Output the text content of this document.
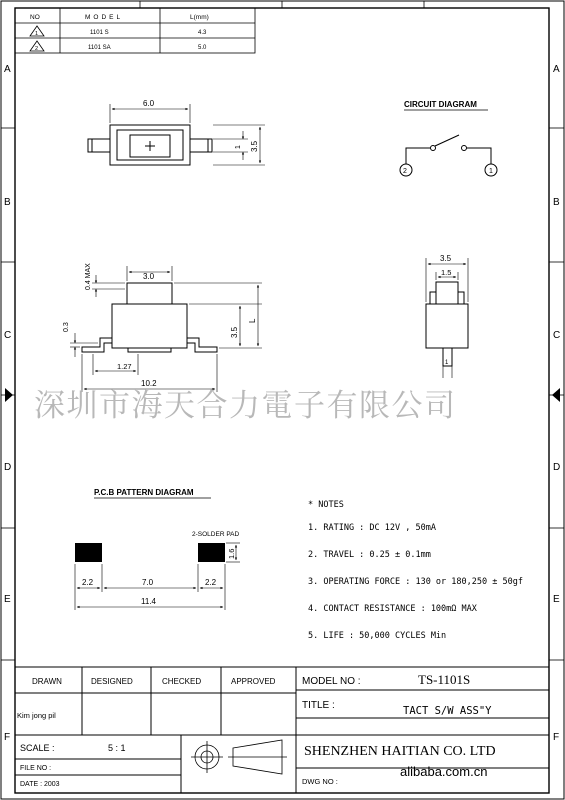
A
B
C
D
E
F
A
B
C
D
E
F
NO	MODEL	L(mm)
1	1101 S	4.3
2	1101 SA	5.0
6.0
3.5
1
CIRCUIT DIAGRAM
2	1
3.0
0.4 MAX
0.3	3.5
L
1.27
10.2
3.5
1.5
1
深圳市海天合力電子有限公司
P.C.B PATTERN DIAGRAM
2-SOLDER PAD
1.6
2.2	7.0	2.2
11.4
* NOTES
1. RATING : DC 12V , 50mA
2. TRAVEL : 0.25 ± 0.1mm
3. OPERATING FORCE : 130 or 180,250 ± 50gf
4. CONTACT RESISTANCE : 100mΩ MAX
5. LIFE : 50,000 CYCLES Min
DRAWN	DESIGNED	CHECKED	APPROVED
Kim jong pil
SCALE :	5 : 1
FILE NO :
DATE : 2003
MODEL NO :	TS-1101S
TITLE :	TACT S/W ASS"Y
SHENZHEN HAITIAN CO. LTD
DWG NO :
alibaba.com.cn
